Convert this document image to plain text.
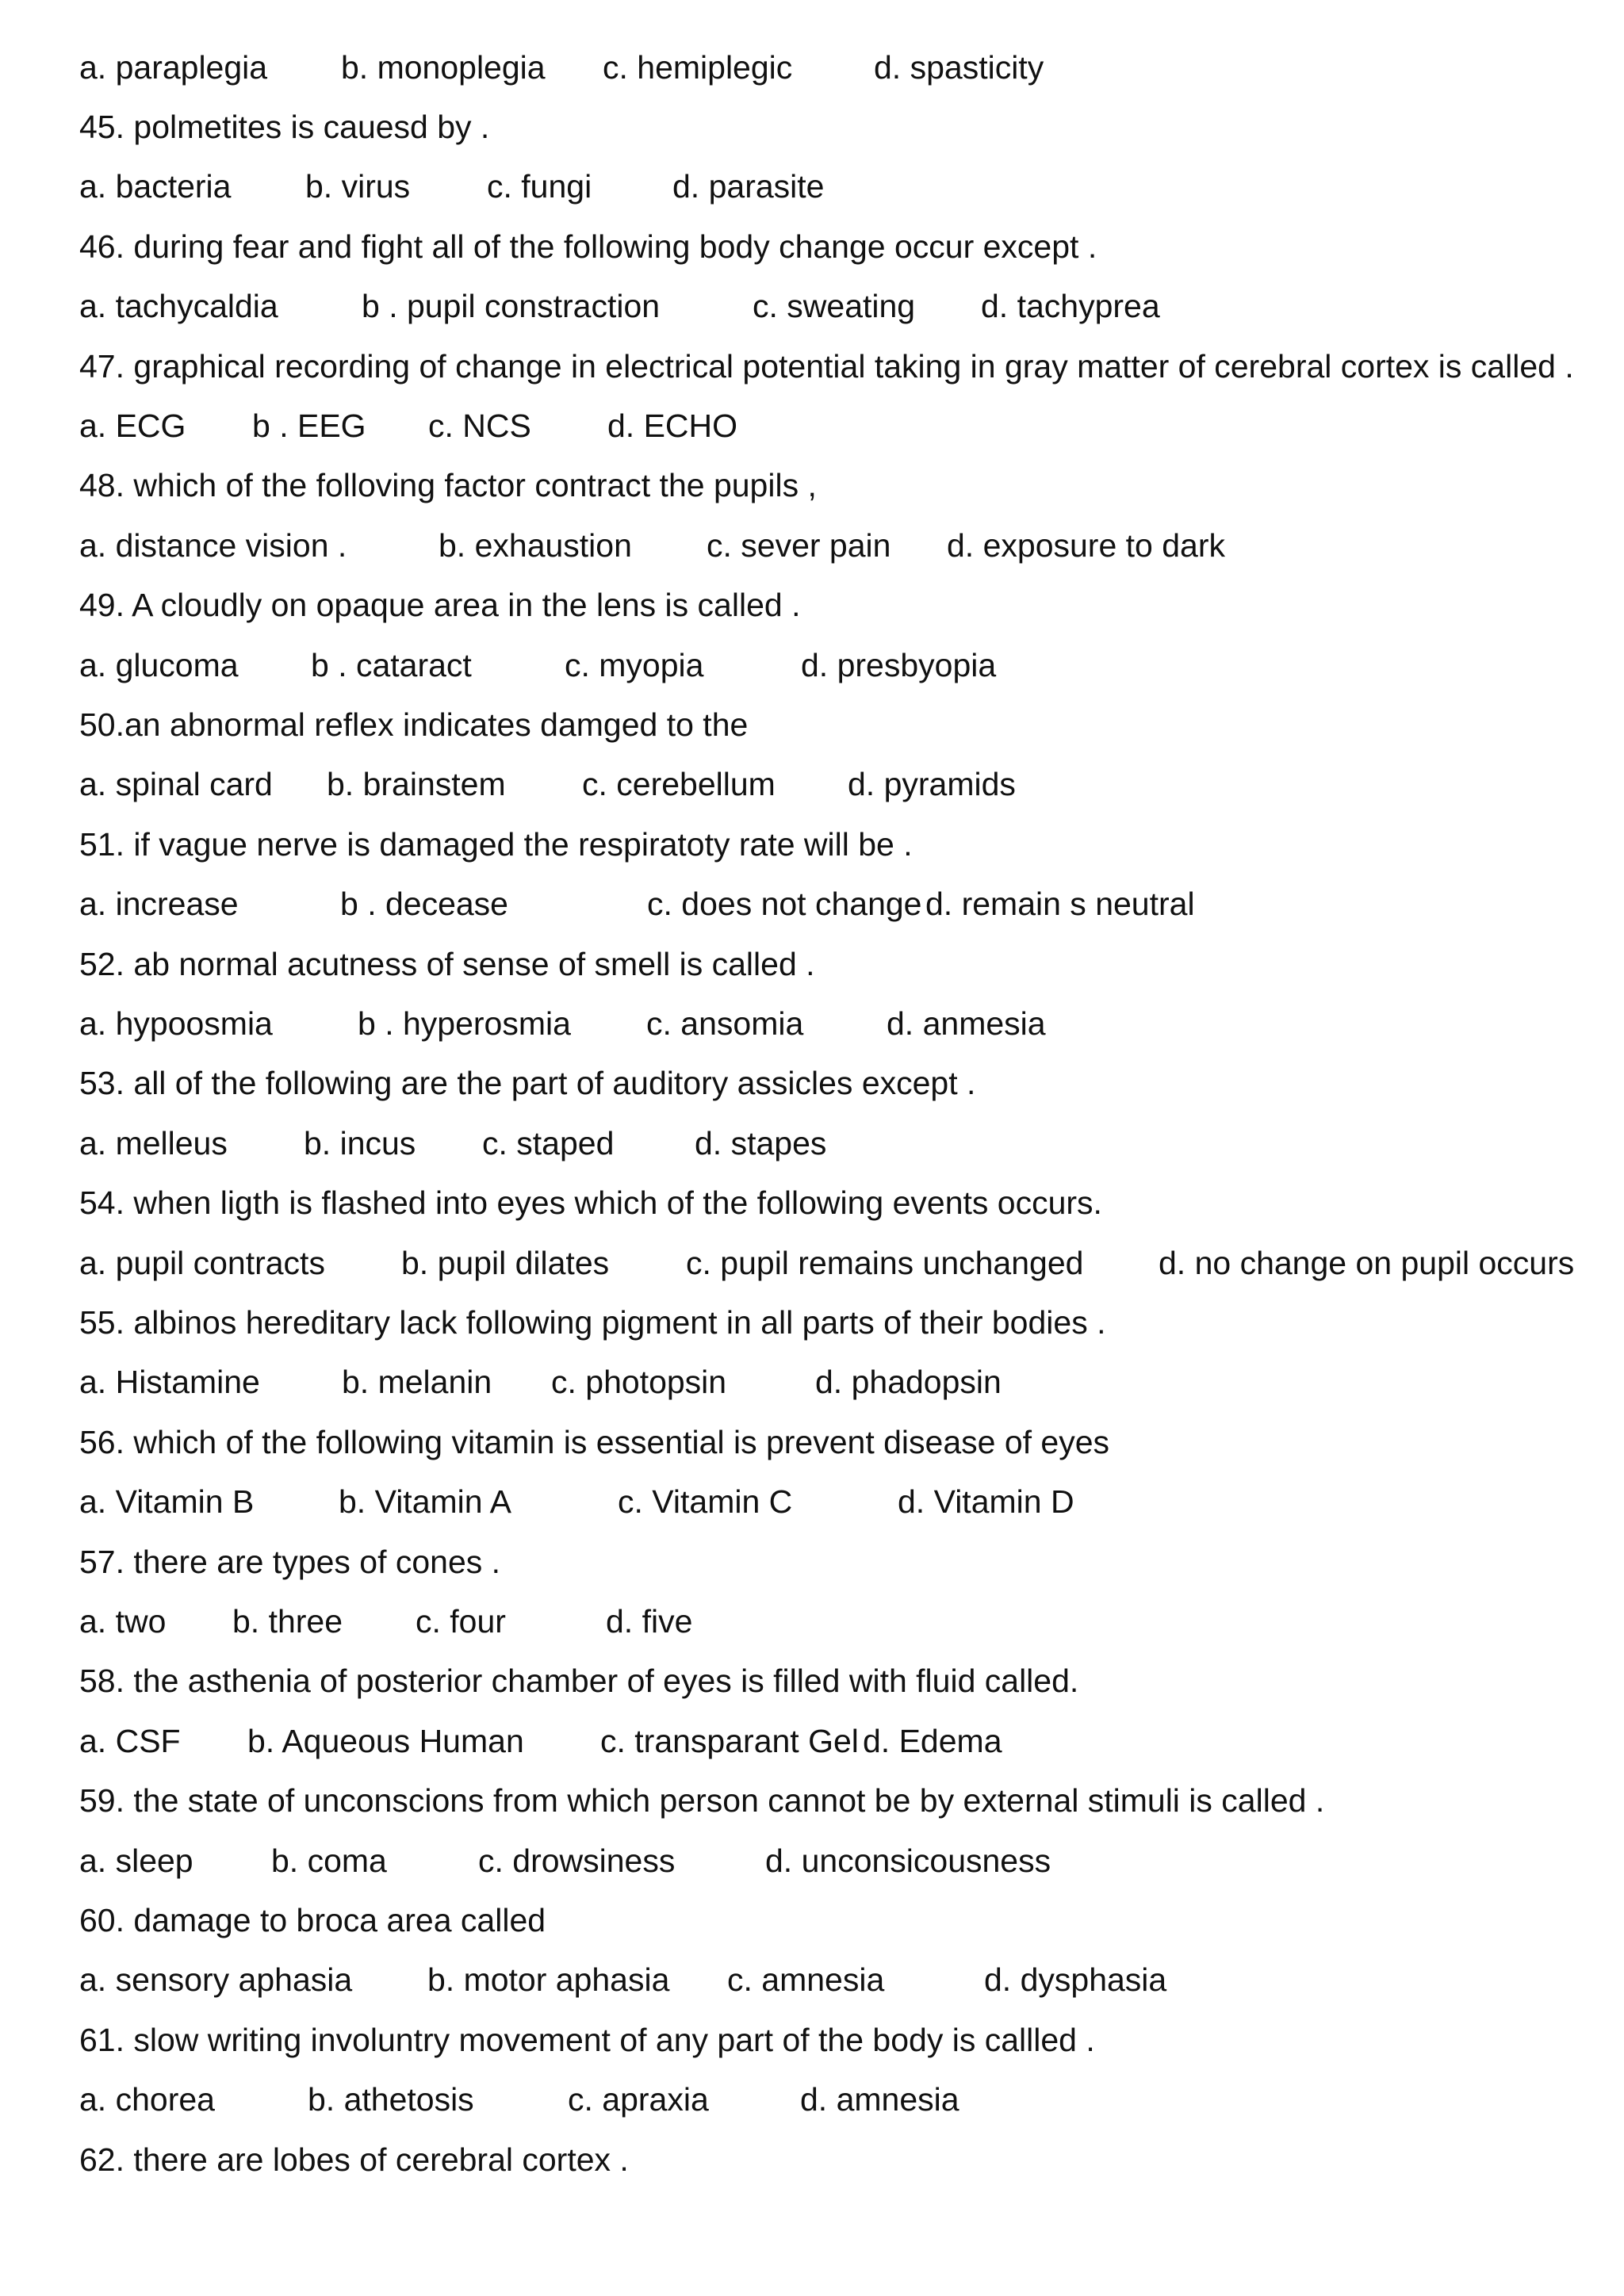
a. paraplegia b. monoplegia c. hemiplegic	d. spasticity
45. polmetites is cauesd by .
a. bacteria b. virus c. fungi d. parasite
46. during fear and fight all of the following body change occur except .
a. tachycaldia	b . pupil constraction	c. sweating d. tachyprea
47. graphical recording of change in electrical potential taking in gray matter of cerebral cortex is called .
a. ECG b . EEG c. NCS d. ECHO
48. which of the folloving factor contract the pupils ,
a. distance vision .	b. exhaustion c. sever pain d. exposure to dark
49. A cloudly on opaque area in the lens is called .
a. glucoma b . cataract	c. myopia	d. presbyopia
50.an abnormal reflex indicates damged to the
a. spinal card b. brainstem c. cerebellum d. pyramids
51. if vague nerve is damaged the respiratoty rate will be .
a. increase	b . decease	c. does not change d. remain s neutral
52. ab normal acutness of sense of smell is called .
a. hypoosmia	b . hyperosmia c. ansomia	d. anmesia
53. all of the following are the part of auditory assicles except .
a. melleus b. incus c. staped d. stapes
54. when ligth is flashed into eyes which of the following events occurs.
a. pupil contracts b. pupil dilates c. pupil remains unchanged d. no change on pupil occurs
55. albinos hereditary lack following pigment in all parts of their bodies .
a. Histamine	b. melanin c. photopsin	d. phadopsin
56. which of the following vitamin is essential is prevent disease of eyes
a. Vitamin B	b. Vitamin A	c. Vitamin C	d. Vitamin D
57. there are types of cones .
a. two b. three c. four	d. five
58. the asthenia of posterior chamber of eyes is filled with fluid called.
a. CSF b. Aqueous Human c. transparant Gel d. Edema
59. the state of unconscions from which person cannot be by external stimuli is called .
a. sleep b. coma	c. drowsiness	d. unconsicousness
60. damage to broca area called
a. sensory aphasia b. motor aphasia c. amnesia	d. dysphasia
61. slow writing involuntry movement of any part of the body is callled .
a. chorea	b. athetosis	c. apraxia	d. amnesia
62. there are lobes of cerebral cortex .
